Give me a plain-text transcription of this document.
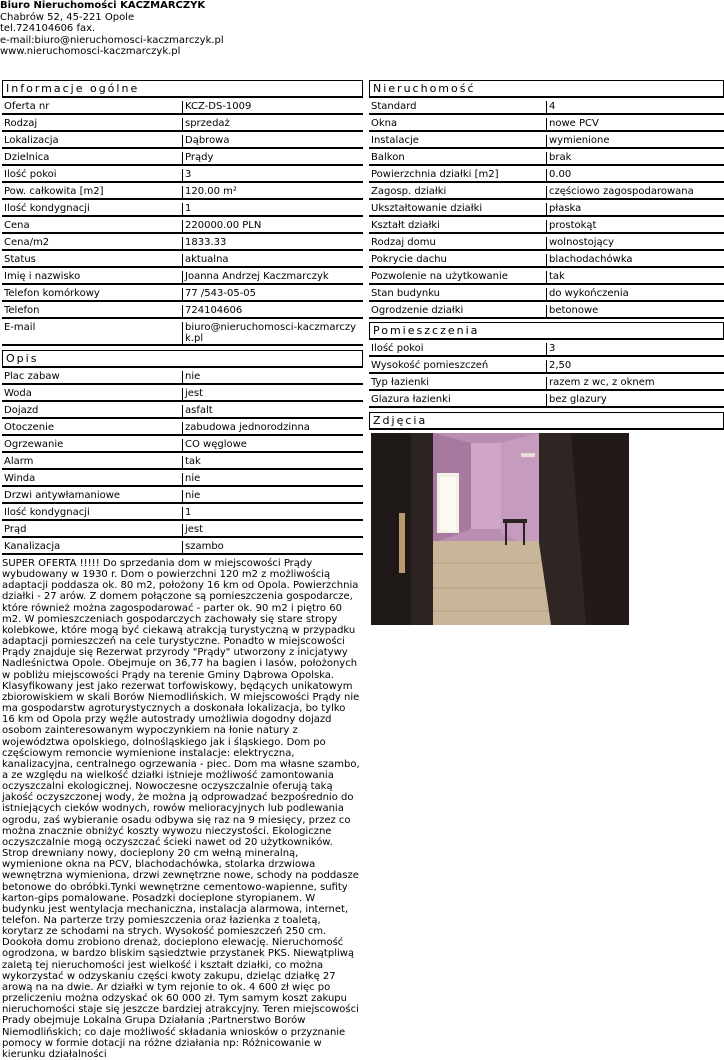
Biuro Nieruchomości KACZMARCZYK
Chabrów 52, 45-221 Opole
tel.724104606 fax.
e-mail:biuro@nieruchomosci-kaczmarczyk.pl
www.nieruchomosci-kaczmarczyk.pl
Informacje ogólne
Oferta nr	KCZ-DS-1009
Rodzaj	sprzedaż
Lokalizacja	Dąbrowa
Dzielnica	Prądy
Ilość pokoi	3
Pow. całkowita [m2]	120.00 m²
Ilość kondygnacji	1
Cena	220000.00 PLN
Cena/m2	1833.33
Status	aktualna
Imię i nazwisko	Joanna Andrzej Kaczmarczyk
Telefon komórkowy	77 /543-05-05
Telefon	724104606
E-mail	biuro@nieruchomosci-kaczmarczyk.pl
Opis
Plac zabaw	nie
Woda	jest
Dojazd	asfalt
Otoczenie	zabudowa jednorodzinna
Ogrzewanie	CO węglowe
Alarm	tak
Winda	nie
Drzwi antywłamaniowe	nie
Ilość kondygnacji	1
Prąd	jest
Kanalizacja	szambo
SUPER OFERTA !!!!! Do sprzedania dom w miejscowości Prądy wybudowany w 1930 r. Dom o powierzchni 120 m2 z możliwością adaptacji poddasza ok. 80 m2, położony 16 km od Opola. Powierzchnia działki - 27 arów. Z domem połączone są pomieszczenia gospodarcze, które również można zagospodarować - parter ok. 90 m2 i piętro 60 m2. W pomieszczeniach gospodarczych zachowały się stare stropy kolebkowe, które mogą być ciekawą atrakcją turystyczną w przypadku adaptacji pomieszczeń na cele turystyczne. Ponadto w miejscowości Prądy znajduje się Rezerwat przyrody "Prądy" utworzony z inicjatywy Nadleśnictwa Opole. Obejmuje on 36,77 ha bagien i lasów, położonych w pobliżu miejscowości Prądy na terenie Gminy Dąbrowa Opolska. Klasyfikowany jest jako rezerwat torfowiskowy, będących unikatowym zbiorowiskiem w skali Borów Niemodlińskich. W miejscowości Prądy nie ma gospodarstw agroturystycznych a doskonała lokalizacja, bo tylko 16 km od Opola przy węźle autostrady umożliwia dogodny dojazd osobom zainteresowanym wypoczynkiem na łonie natury z województwa opolskiego, dolnośląskiego jak i śląskiego. Dom po częściowym remoncie wymienione instalacje: elektryczna, kanalizacyjna, centralnego ogrzewania - piec. Dom ma własne szambo, a ze względu na wielkość działki istnieje możliwość zamontowania oczyszczalni ekologicznej. Nowoczesne oczyszczalnie oferują taką jakość oczyszczonej wody, że można ją odprowadzać bezpośrednio do istniejących cieków wodnych, rowów melioracyjnych lub podlewania ogrodu, zaś wybieranie osadu odbywa się raz na 9 miesięcy, przez co można znacznie obniżyć koszty wywozu nieczystości. Ekologiczne oczyszczalnie mogą oczyszczać ścieki nawet od 20 użytkowników. Strop drewniany nowy, docieplony 20 cm wełną mineralną, wymienione okna na PCV, blachodachówka, stolarka drzwiowa wewnętrzna wymieniona, drzwi zewnętrzne nowe, schody na poddasze betonowe do obróbki.Tynki wewnętrzne cementowo-wapienne, sufity karton-gips pomalowane. Posadzki docieplone styropianem. W budynku jest wentylacja mechaniczna, instalacja alarmowa, internet, telefon. Na parterze trzy pomieszczenia oraz łazienka z toaletą, korytarz ze schodami na strych. Wysokość pomieszczeń 250 cm. Dookoła domu zrobiono drenaż, docieplono elewację. Nieruchomość ogrodzona, w bardzo bliskim sąsiedztwie przystanek PKS. Niewątpliwą zaletą tej nieruchomości jest wielkość i kształt działki, co można wykorzystać w odzyskaniu części kwoty zakupu, dzieląc działkę 27 arową na na dwie. Ar działki w tym rejonie to ok. 4 600 zł więc po przeliczeniu można odzyskać ok 60 000 zł. Tym samym koszt zakupu nieruchomości staje się jeszcze bardziej atrakcyjny. Teren miejscowości Prady obejmuje Lokalna Grupa Działania ;Partnerstwo Borów Niemodlińskich; co daje możliwość składania wniosków o przyznanie pomocy w formie dotacji na różne działania np: Różnicowanie w kierunku działalności
Nieruchomość
Standard	4
Okna	nowe PCV
Instalacje	wymienione
Balkon	brak
Powierzchnia działki [m2]	0.00
Zagosp. działki	częściowo zagospodarowana
Ukształtowanie działki	płaska
Kształt działki	prostokąt
Rodzaj domu	wolnostojący
Pokrycie dachu	blachodachówka
Pozwolenie na użytkowanie	tak
Stan budynku	do wykończenia
Ogrodzenie działki	betonowe
Pomieszczenia
Ilość pokoi	3
Wysokość pomieszczeń	2,50
Typ łazienki	razem z wc, z oknem
Glazura łazienki	bez glazury
Zdjęcia
